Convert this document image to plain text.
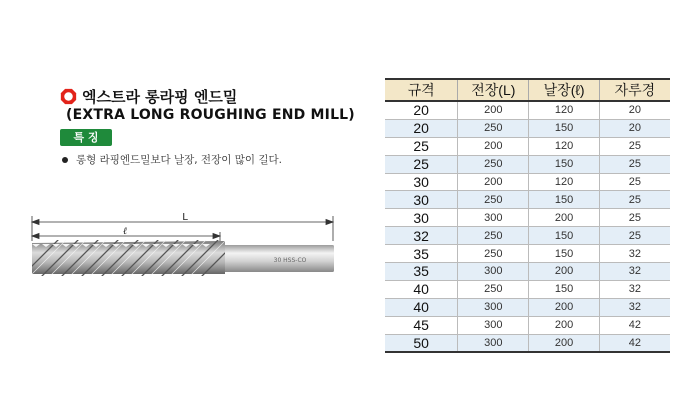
엑스트라 롱라핑 엔드밀
(EXTRA LONG ROUGHING END MILL)
특 징
롱형 라핑엔드밀보다 날장, 전장이 많이 길다.
L
ℓ
30 HSS-CO
규격	전장(L)	날장(ℓ)	자루경
20	200	120	20
20	250	150	20
25	200	120	25
25	250	150	25
30	200	120	25
30	250	150	25
30	300	200	25
32	250	150	25
35	250	150	32
35	300	200	32
40	250	150	32
40	300	200	32
45	300	200	42
50	300	200	42
